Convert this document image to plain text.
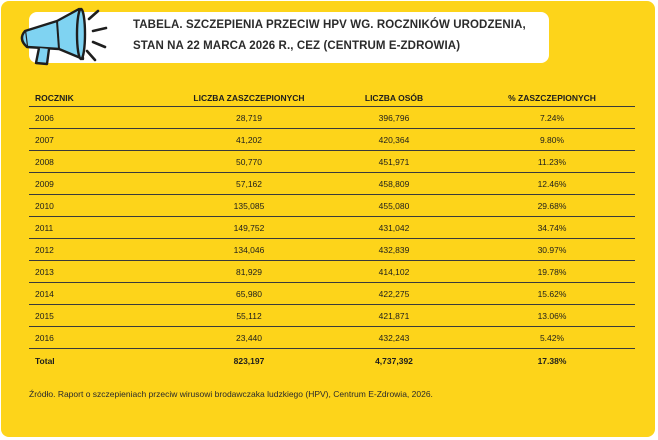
TABELA. SZCZEPIENIA PRZECIW HPV WG. ROCZNIKÓW URODZENIA,
STAN NA 22 MARCA 2026 R., CEZ (CENTRUM E-ZDROWIA)
ROCZNIK	LICZBA ZASZCZEPIONYCH	LICZBA OSÓB	% ZASZCZEPIONYCH
2006	28,719	396,796	7.24%
2007	41,202	420,364	9.80%
2008	50,770	451,971	11.23%
2009	57,162	458,809	12.46%
2010	135,085	455,080	29.68%
2011	149,752	431,042	34.74%
2012	134,046	432,839	30.97%
2013	81,929	414,102	19.78%
2014	65,980	422,275	15.62%
2015	55,112	421,871	13.06%
2016	23,440	432,243	5.42%
Total	823,197	4,737,392	17.38%
Źródło. Raport o szczepieniach przeciw wirusowi brodawczaka ludzkiego (HPV), Centrum E-Zdrowia, 2026.
